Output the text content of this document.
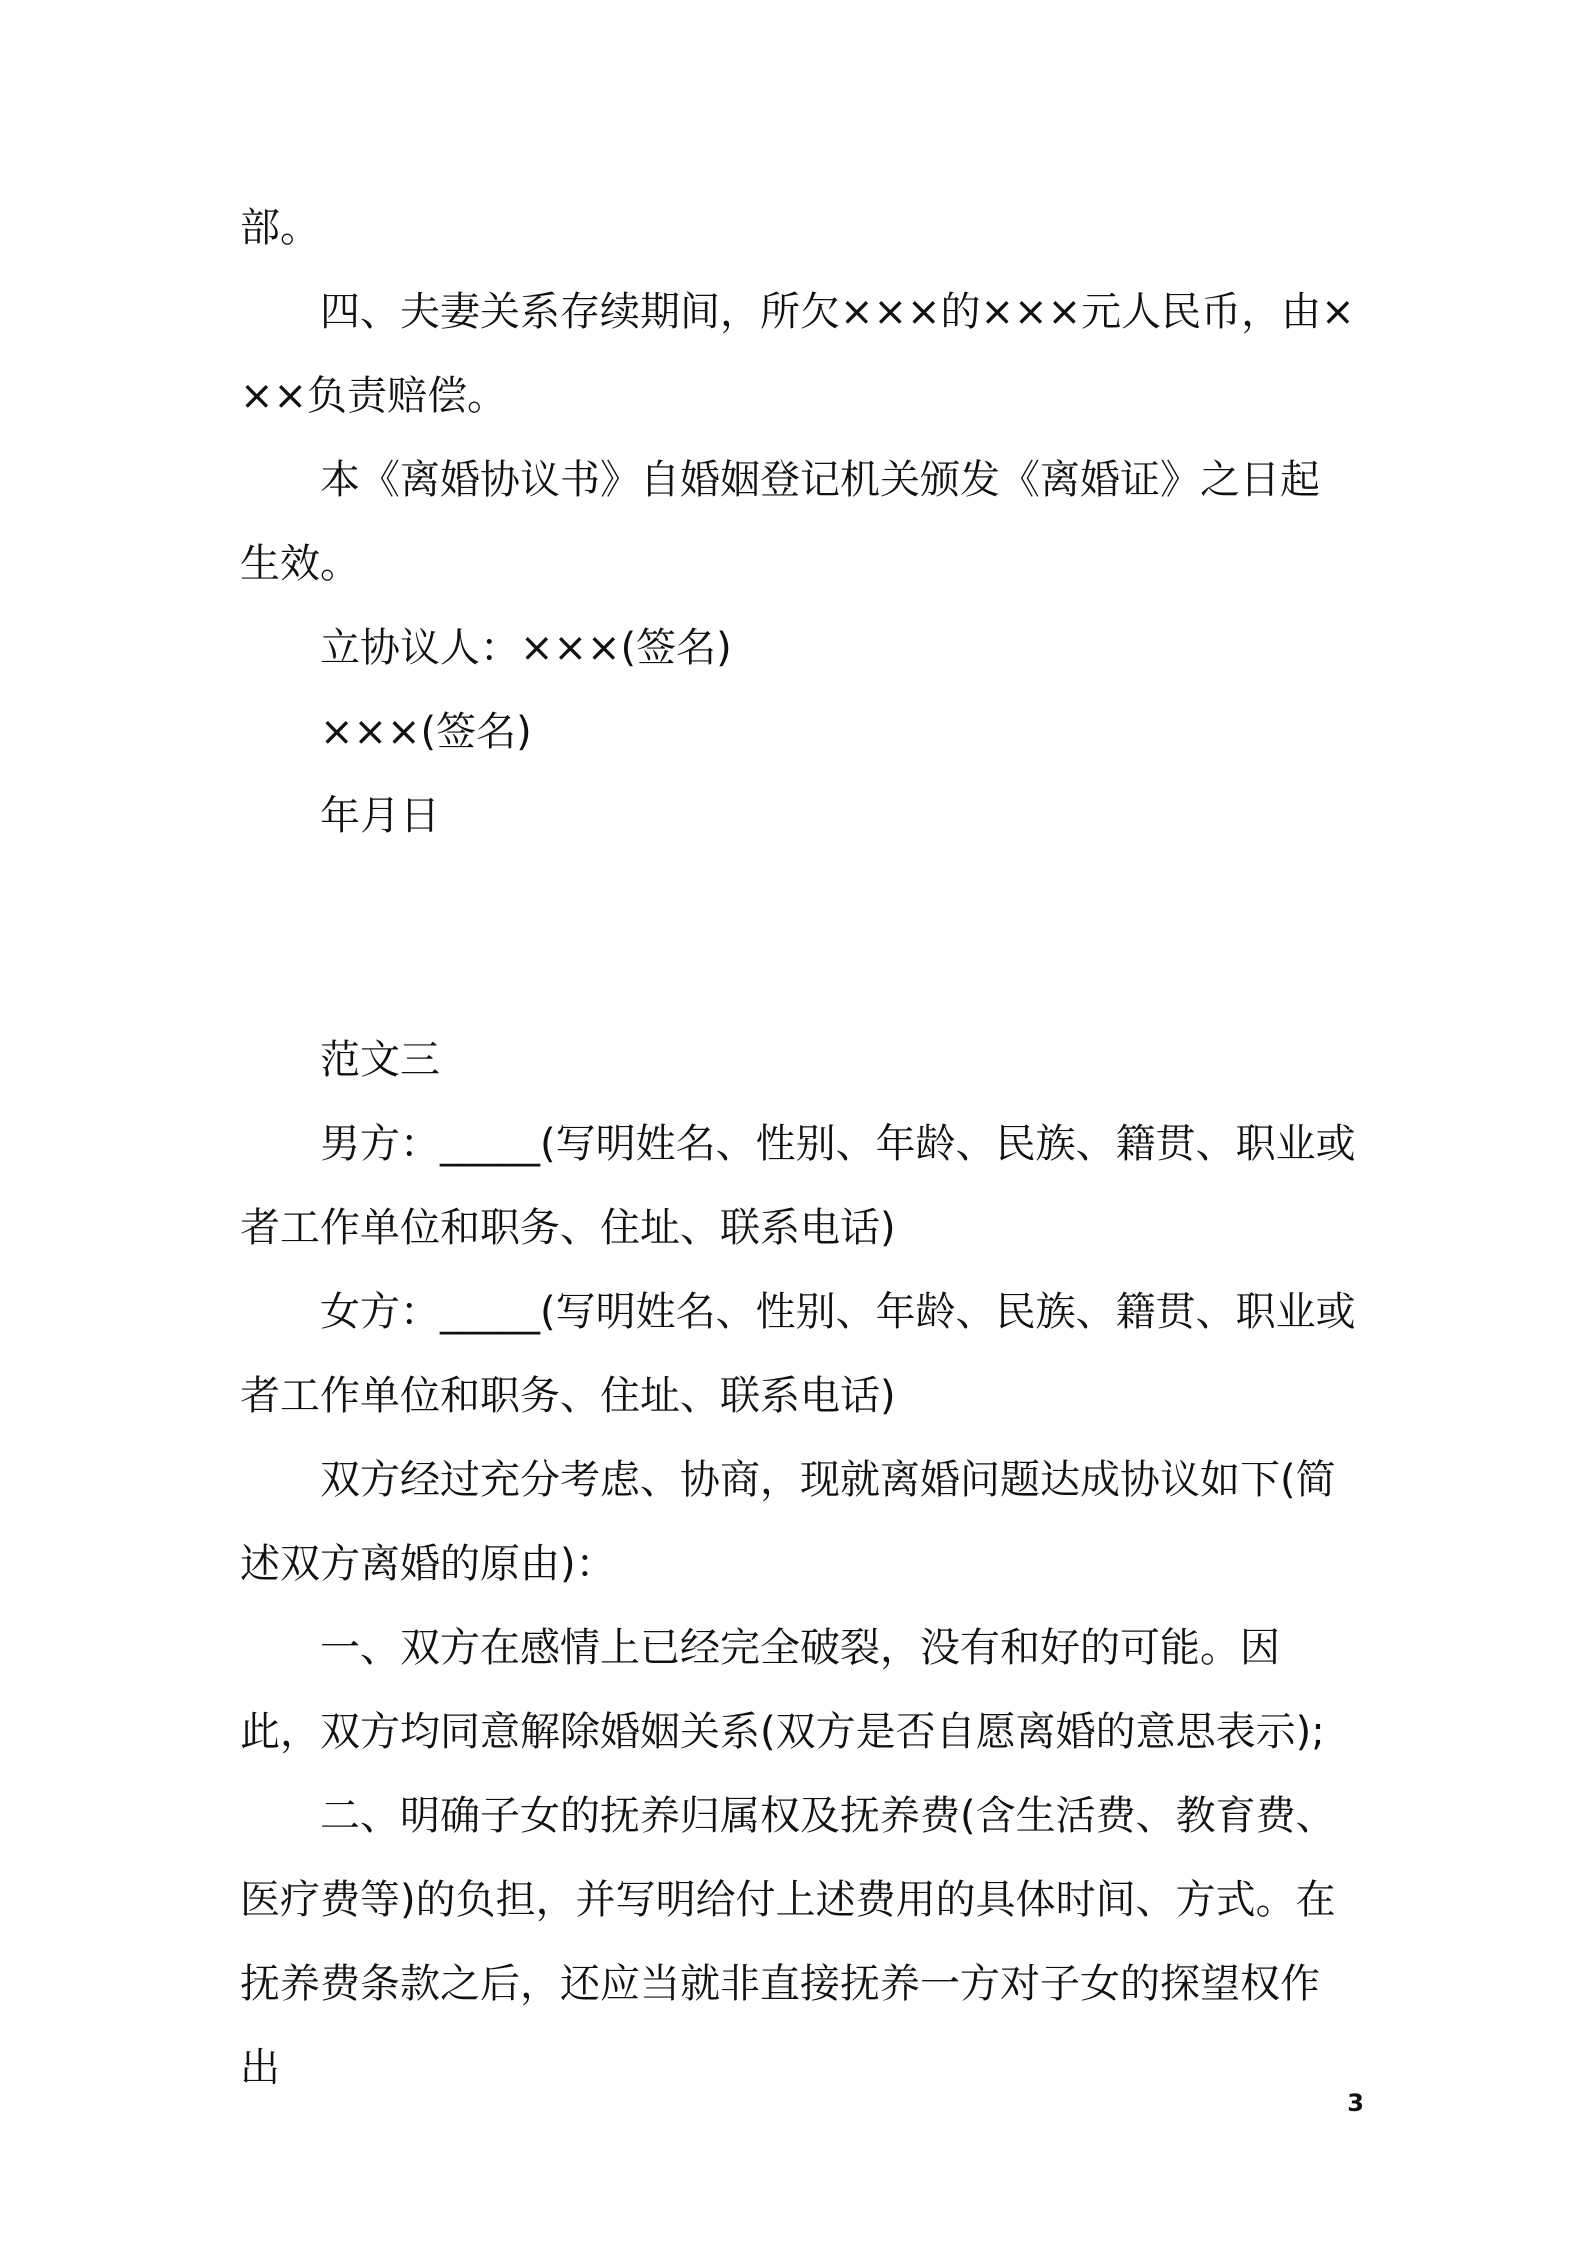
部。

四、夫妻关系存续期间，所欠×××的×××元人民币，由×××负责赔偿。

本《离婚协议书》自婚姻登记机关颁发《离婚证》之日起生效。

立协议人：×××(签名)

×××(签名)

年月日

范文三

男方：_____(写明姓名、性别、年龄、民族、籍贯、职业或者工作单位和职务、住址、联系电话)

女方：_____(写明姓名、性别、年龄、民族、籍贯、职业或者工作单位和职务、住址、联系电话)

双方经过充分考虑、协商，现就离婚问题达成协议如下(简述双方离婚的原由)：

一、双方在感情上已经完全破裂，没有和好的可能。因此，双方均同意解除婚姻关系(双方是否自愿离婚的意思表示);

二、明确子女的抚养归属权及抚养费(含生活费、教育费、医疗费等)的负担，并写明给付上述费用的具体时间、方式。在抚养费条款之后，还应当就非直接抚养一方对子女的探望权作出

3
